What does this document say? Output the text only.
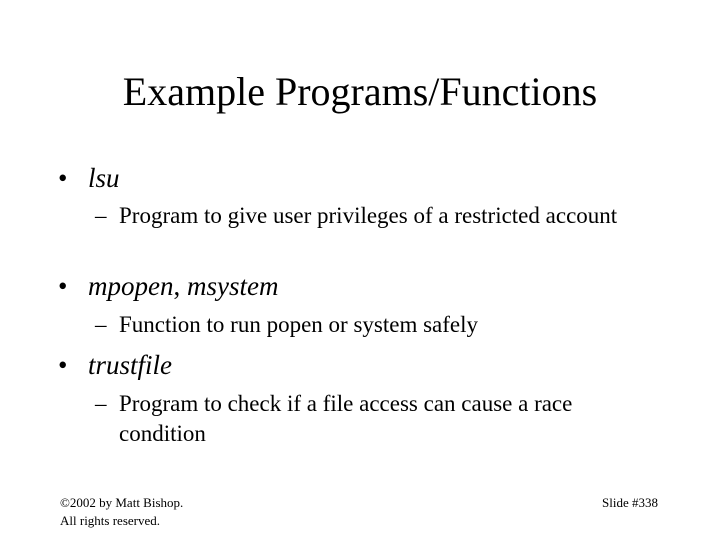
Example Programs/Functions
• lsu
– Program to give user privileges of a restricted account
• mpopen, msystem
– Function to run popen or system safely
• trustfile
– Program to check if a file access can cause a race condition
©2002 by Matt Bishop.
All rights reserved.
Slide #338
